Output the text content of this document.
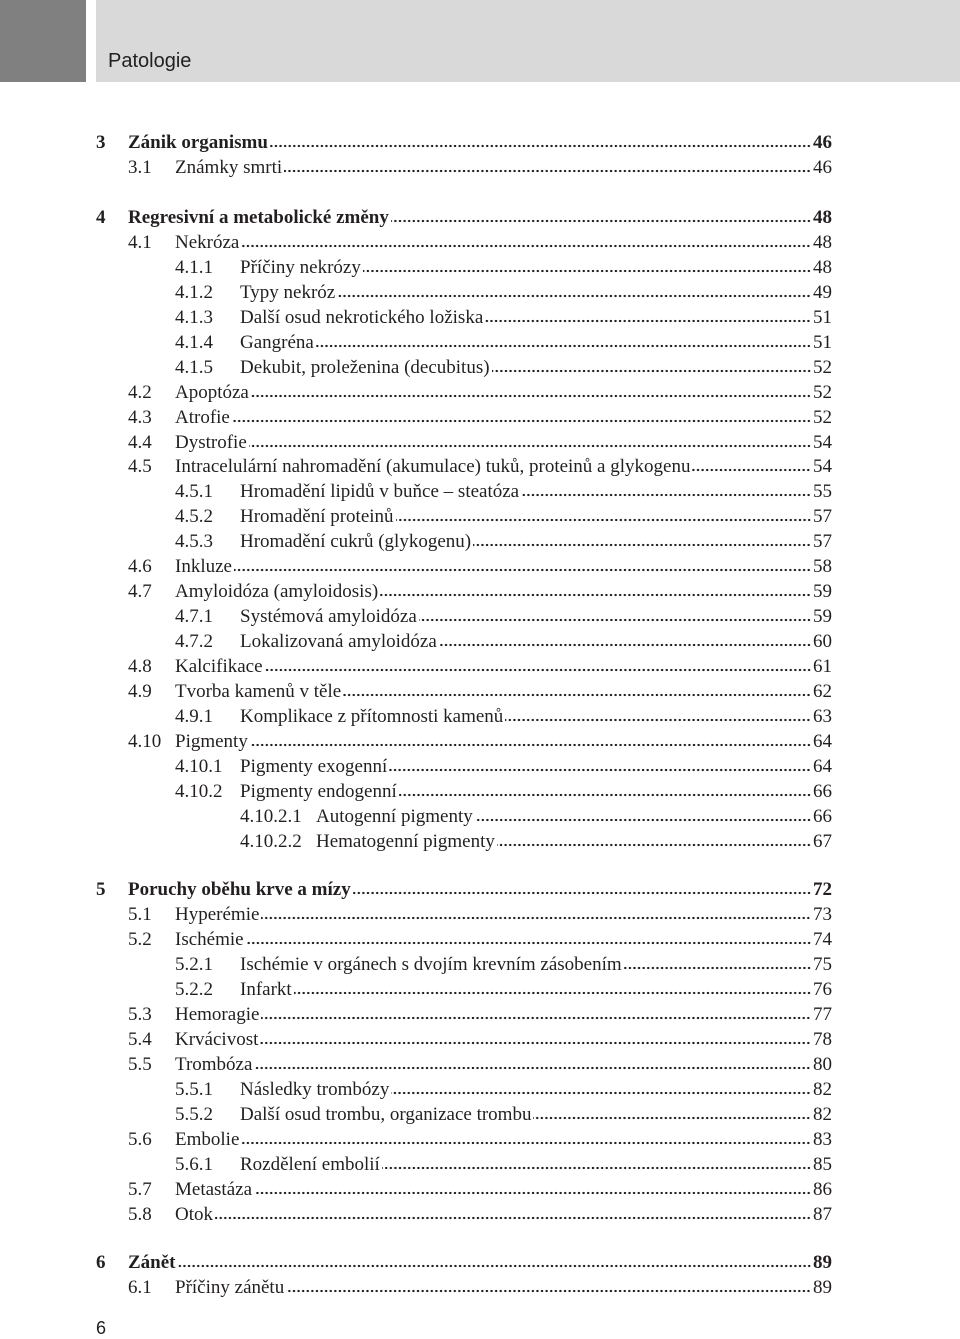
Patologie
3	Zánik organismu	46
3.1	Známky smrti	46
4	Regresivní a metabolické změny	48
4.1	Nekróza	48
4.1.1	Příčiny nekrózy	48
4.1.2	Typy nekróz	49
4.1.3	Další osud nekrotického ložiska	51
4.1.4	Gangréna	51
4.1.5	Dekubit, proleženina (decubitus)	52
4.2	Apoptóza	52
4.3	Atrofie	52
4.4	Dystrofie	54
4.5	Intracelulární nahromadění (akumulace) tuků, proteinů a glykogenu	54
4.5.1	Hromadění lipidů v buňce – steatóza	55
4.5.2	Hromadění proteinů	57
4.5.3	Hromadění cukrů (glykogenu)	57
4.6	Inkluze	58
4.7	Amyloidóza (amyloidosis)	59
4.7.1	Systémová amyloidóza	59
4.7.2	Lokalizovaná amyloidóza	60
4.8	Kalcifikace	61
4.9	Tvorba kamenů v těle	62
4.9.1	Komplikace z přítomnosti kamenů	63
4.10 Pigmenty	64
4.10.1 Pigmenty exogenní	64
4.10.2 Pigmenty endogenní	66
4.10.2.1 Autogenní pigmenty	66
4.10.2.2 Hematogenní pigmenty	67
5	Poruchy oběhu krve a mízy	72
5.1	Hyperémie	73
5.2	Ischémie	74
5.2.1	Ischémie v orgánech s dvojím krevním zásobením	75
5.2.2	Infarkt	76
5.3	Hemoragie	77
5.4	Krvácivost	78
5.5	Trombóza	80
5.5.1	Následky trombózy	82
5.5.2	Další osud trombu, organizace trombu	82
5.6	Embolie	83
5.6.1	Rozdělení embolií	85
5.7	Metastáza	86
5.8	Otok	87
6	Zánět	89
6.1	Příčiny zánětu	89
6
